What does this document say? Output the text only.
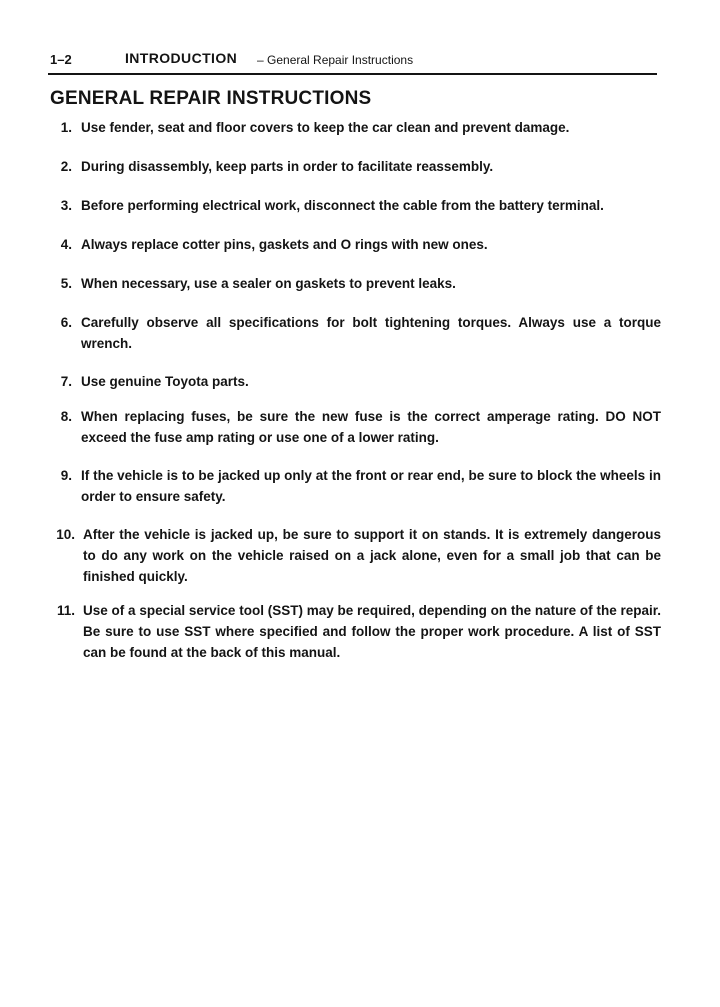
1–2	INTRODUCTION – General Repair Instructions
GENERAL REPAIR INSTRUCTIONS
1. Use fender, seat and floor covers to keep the car clean and prevent damage.
2. During disassembly, keep parts in order to facilitate reassembly.
3. Before performing electrical work, disconnect the cable from the battery terminal.
4. Always replace cotter pins, gaskets and O rings with new ones.
5. When necessary, use a sealer on gaskets to prevent leaks.
6. Carefully observe all specifications for bolt tightening torques. Always use a torque wrench.
7. Use genuine Toyota parts.
8. When replacing fuses, be sure the new fuse is the correct amperage rating. DO NOT exceed the fuse amp rating or use one of a lower rating.
9. If the vehicle is to be jacked up only at the front or rear end, be sure to block the wheels in order to ensure safety.
10. After the vehicle is jacked up, be sure to support it on stands. It is extremely dangerous to do any work on the vehicle raised on a jack alone, even for a small job that can be finished quickly.
11. Use of a special service tool (SST) may be required, depending on the nature of the repair. Be sure to use SST where specified and follow the proper work procedure. A list of SST can be found at the back of this manual.
